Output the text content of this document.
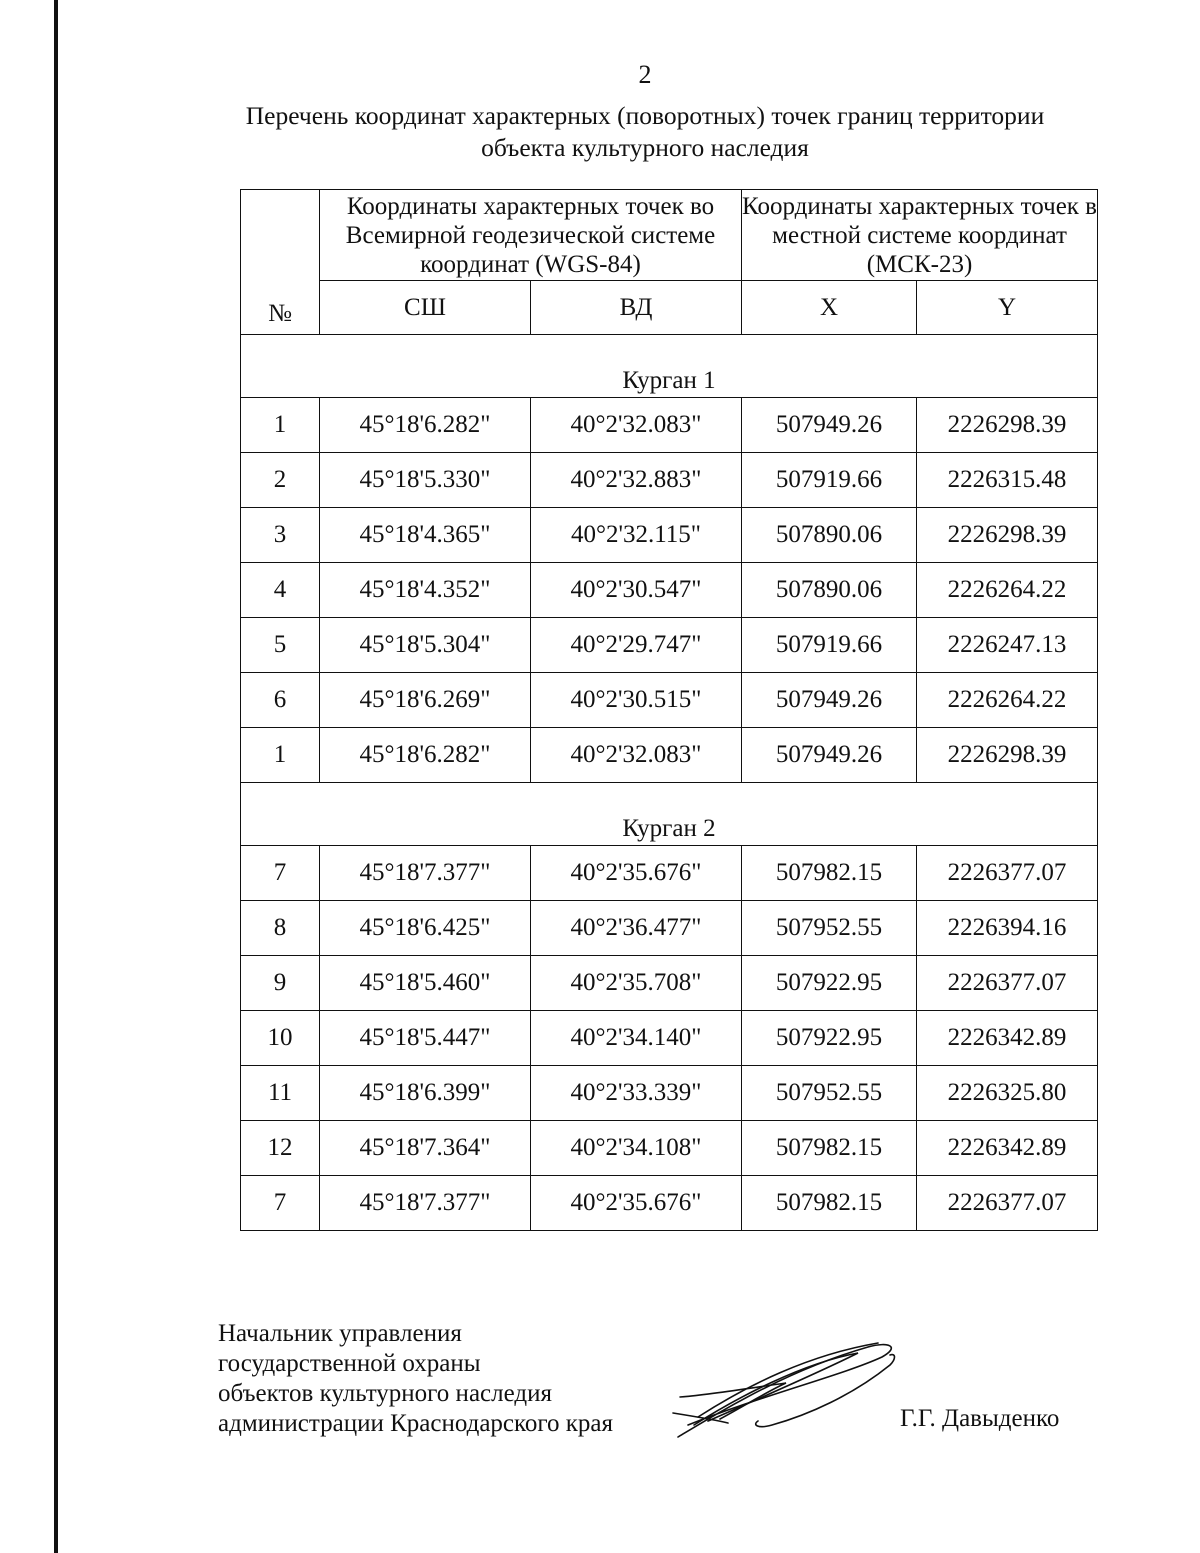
2
Перечень координат характерных (поворотных) точек границ территории
объекта культурного наследия
№	Координаты характерных точек во Всемирной геодезической системе координат (WGS-84)		Координаты характерных точек в местной системе координат (МСК-23)	
	СШ	ВД	X	Y
Курган 1				
1	45°18'6.282"	40°2'32.083"	507949.26	2226298.39
2	45°18'5.330"	40°2'32.883"	507919.66	2226315.48
3	45°18'4.365"	40°2'32.115"	507890.06	2226298.39
4	45°18'4.352"	40°2'30.547"	507890.06	2226264.22
5	45°18'5.304"	40°2'29.747"	507919.66	2226247.13
6	45°18'6.269"	40°2'30.515"	507949.26	2226264.22
1	45°18'6.282"	40°2'32.083"	507949.26	2226298.39
Курган 2				
7	45°18'7.377"	40°2'35.676"	507982.15	2226377.07
8	45°18'6.425"	40°2'36.477"	507952.55	2226394.16
9	45°18'5.460"	40°2'35.708"	507922.95	2226377.07
10	45°18'5.447"	40°2'34.140"	507922.95	2226342.89
11	45°18'6.399"	40°2'33.339"	507952.55	2226325.80
12	45°18'7.364"	40°2'34.108"	507982.15	2226342.89
7	45°18'7.377"	40°2'35.676"	507982.15	2226377.07
Начальник управления
государственной охраны
объектов культурного наследия
администрации Краснодарского края	Г.Г. Давыденко
